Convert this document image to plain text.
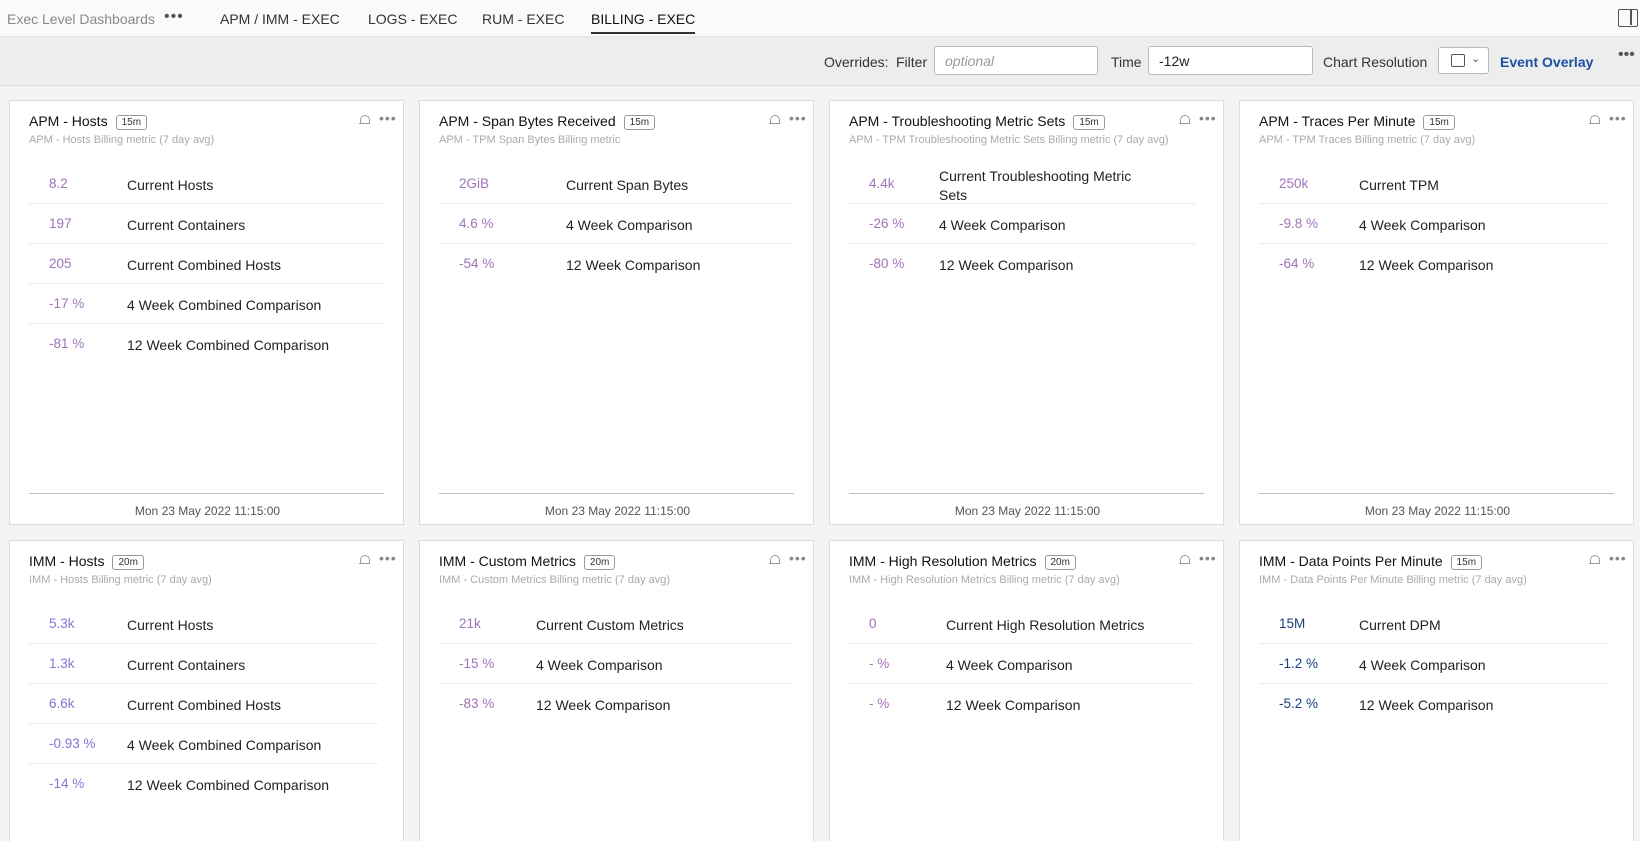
Exec Level Dashboards •••	APM / IMM - EXEC LOGS - EXEC RUM - EXEC BILLING - EXEC
Overrides: Filter	optional	Time	-12w	Chart Resolution	⌄ Event Overlay •••
APM - Hosts 15m	•••
APM - Hosts Billing metric (7 day avg)
8.2	Current Hosts
197	Current Containers
205	Current Combined Hosts
-17 %	4 Week Combined Comparison
-81 %	12 Week Combined Comparison
Mon 23 May 2022 11:15:00
APM - Span Bytes Received 15m	•••
APM - TPM Span Bytes Billing metric
2GiB	Current Span Bytes
4.6 %	4 Week Comparison
-54 %	12 Week Comparison
Mon 23 May 2022 11:15:00
APM - Troubleshooting Metric Sets 15m	•••
APM - TPM Troubleshooting Metric Sets Billing metric (7 day avg)
4.4k	Current Troubleshooting Metric Sets
-26 % 4 Week Comparison
-80 % 12 Week Comparison
Mon 23 May 2022 11:15:00
APM - Traces Per Minute 15m	•••
APM - TPM Traces Billing metric (7 day avg)
250k	Current TPM
-9.8 %	4 Week Comparison
-64 %	12 Week Comparison
Mon 23 May 2022 11:15:00
IMM - Hosts 20m	•••
IMM - Hosts Billing metric (7 day avg)
5.3k	Current Hosts
1.3k	Current Containers
6.6k	Current Combined Hosts
-0.93 % 4 Week Combined Comparison
-14 %	12 Week Combined Comparison
IMM - Custom Metrics 20m	•••
IMM - Custom Metrics Billing metric (7 day avg)
21k	Current Custom Metrics
-15 %	4 Week Comparison
-83 %	12 Week Comparison
IMM - High Resolution Metrics 20m	•••
IMM - High Resolution Metrics Billing metric (7 day avg)
0	Current High Resolution Metrics
- %	4 Week Comparison
- %	12 Week Comparison
IMM - Data Points Per Minute 15m	•••
IMM - Data Points Per Minute Billing metric (7 day avg)
15M	Current DPM
-1.2 %	4 Week Comparison
-5.2 %	12 Week Comparison
